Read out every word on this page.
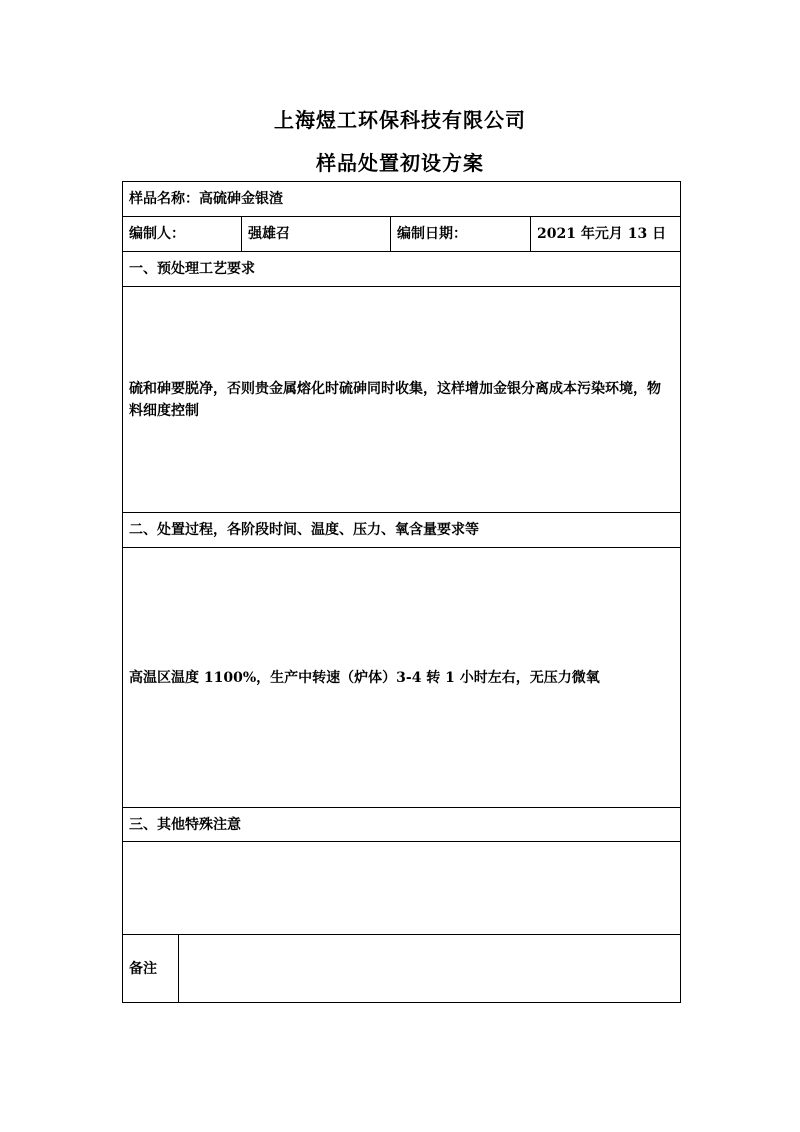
上海煜工环保科技有限公司
样品处置初设方案
样品名称：高硫砷金银渣				
编制人：		强雄召	编制日期：	2021 年元月 13 日
一、预处理工艺要求				
硫和砷要脱净，否则贵金属熔化时硫砷同时收集，这样增加金银分离成本污染环境，物料细度控制				
二、处置过程，各阶段时间、温度、压力、氧含量要求等				
高温区温度 1100%，生产中转速（炉体）3-4 转 1 小时左右，无压力微氧				
三、其他特殊注意				

备注				
